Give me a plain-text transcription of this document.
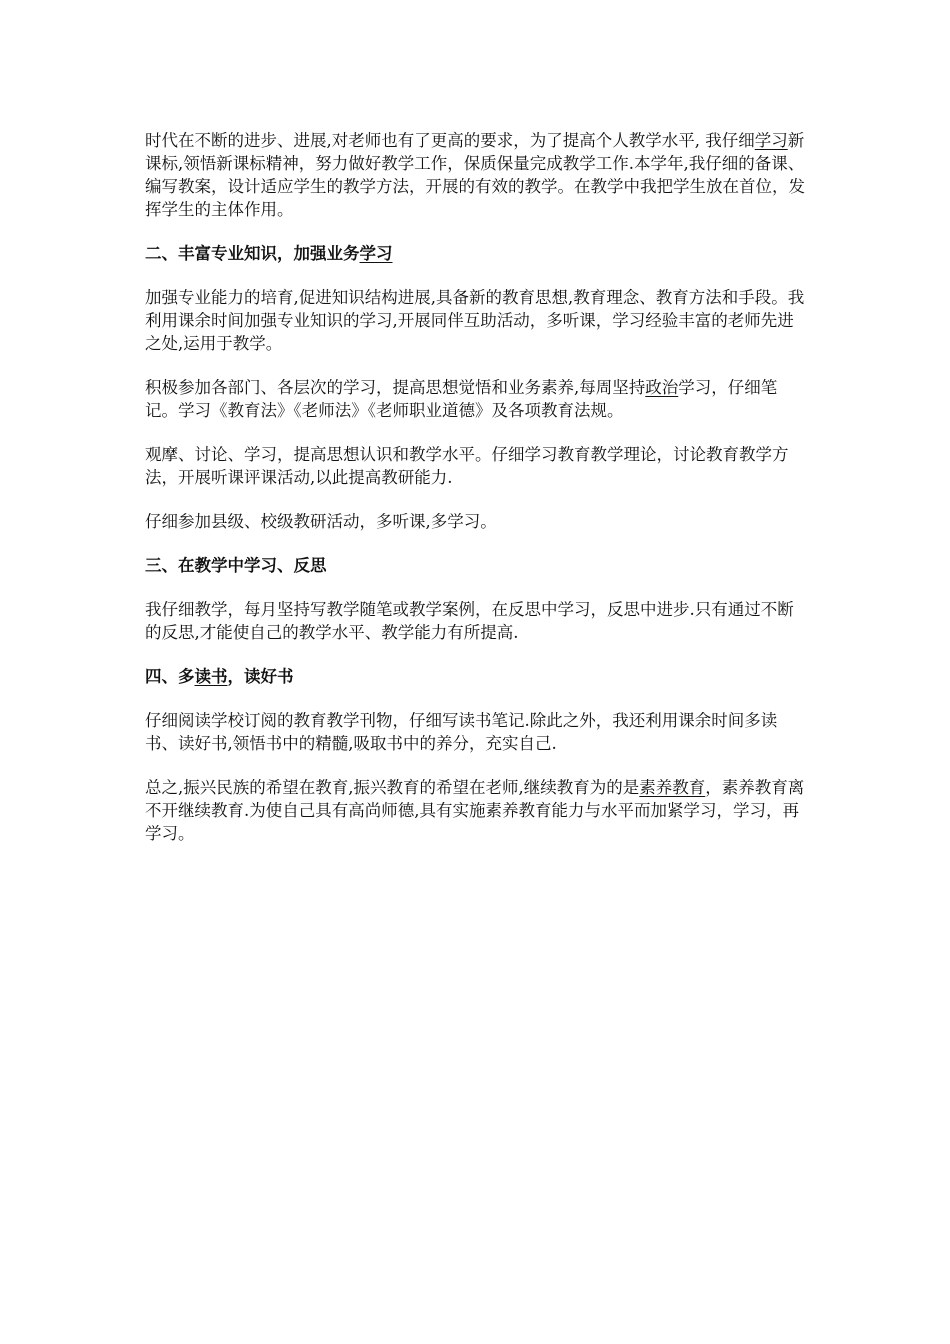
时代在不断的进步、进展,对老师也有了更高的要求，为了提高个人教学水平, 我仔细学习新课标,领悟新课标精神，努力做好教学工作，保质保量完成教学工作.本学年,我仔细的备课、编写教案，设计适应学生的教学方法，开展的有效的教学。在教学中我把学生放在首位，发挥学生的主体作用。

二、丰富专业知识，加强业务学习

加强专业能力的培育,促进知识结构进展,具备新的教育思想,教育理念、教育方法和手段。我利用课余时间加强专业知识的学习,开展同伴互助活动，多听课，学习经验丰富的老师先进之处,运用于教学。

积极参加各部门、各层次的学习，提高思想觉悟和业务素养,每周坚持政治学习，仔细笔记。学习《教育法》《老师法》《老师职业道德》及各项教育法规。

观摩、讨论、学习，提高思想认识和教学水平。仔细学习教育教学理论，讨论教育教学方法，开展听课评课活动,以此提高教研能力.

仔细参加县级、校级教研活动，多听课,多学习。

三、在教学中学习、反思

我仔细教学，每月坚持写教学随笔或教学案例，在反思中学习，反思中进步.只有通过不断的反思,才能使自己的教学水平、教学能力有所提高.

四、多读书，读好书

仔细阅读学校订阅的教育教学刊物，仔细写读书笔记.除此之外，我还利用课余时间多读书、读好书,领悟书中的精髓,吸取书中的养分，充实自己.

总之,振兴民族的希望在教育,振兴教育的希望在老师,继续教育为的是素养教育，素养教育离不开继续教育.为使自己具有高尚师德,具有实施素养教育能力与水平而加紧学习，学习，再学习。
